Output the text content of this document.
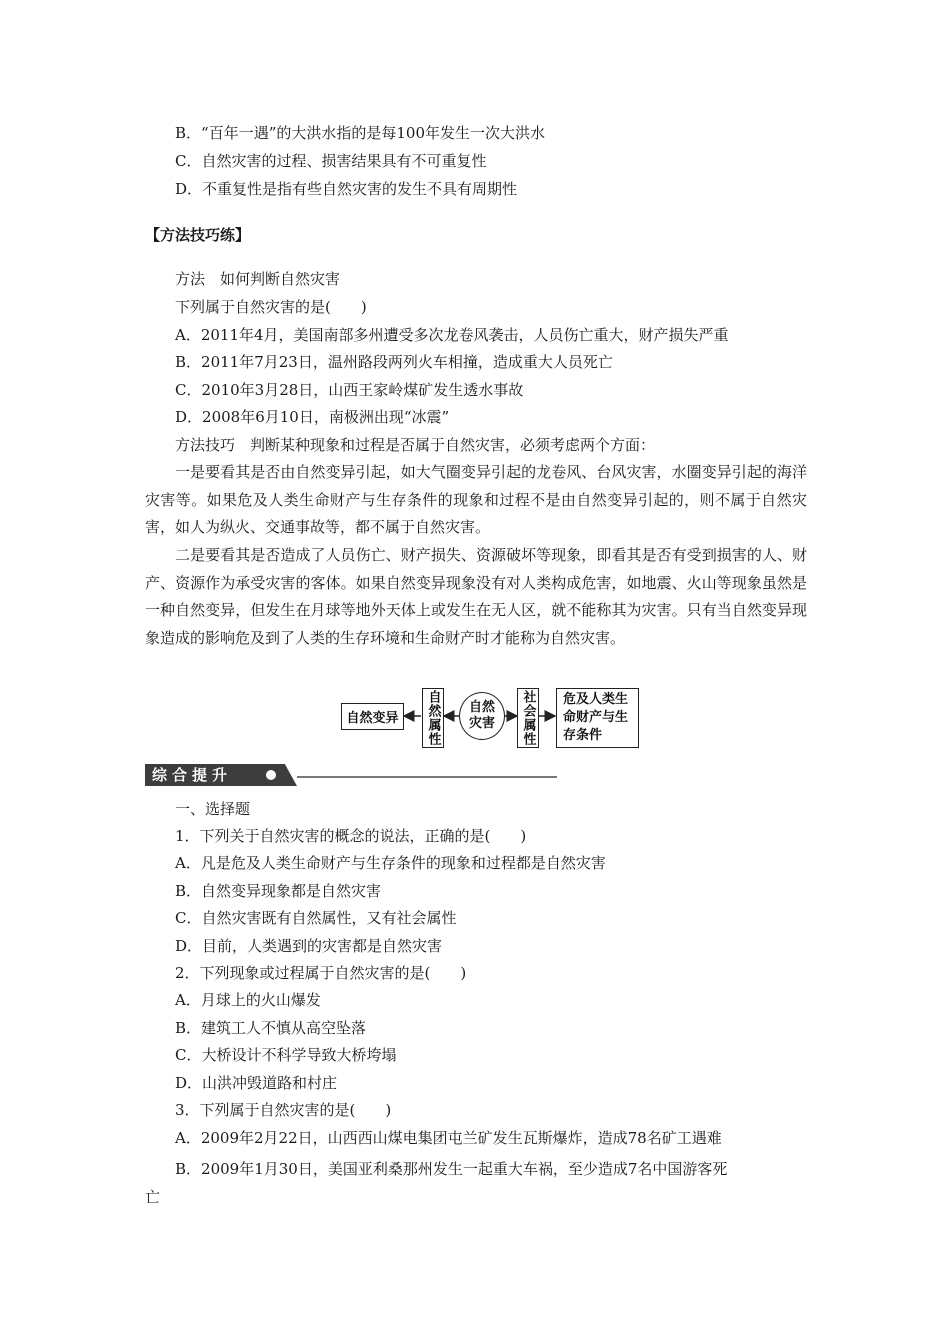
B．“百年一遇”的大洪水指的是每100年发生一次大洪水
C．自然灾害的过程、损害结果具有不可重复性
D．不重复性是指有些自然灾害的发生不具有周期性
【方法技巧练】
方法　如何判断自然灾害
下列属于自然灾害的是(　　)
A．2011年4月，美国南部多州遭受多次龙卷风袭击，人员伤亡重大，财产损失严重
B．2011年7月23日，温州路段两列火车相撞，造成重大人员死亡
C．2010年3月28日，山西王家岭煤矿发生透水事故
D．2008年6月10日，南极洲出现“冰震”
方法技巧　判断某种现象和过程是否属于自然灾害，必须考虑两个方面：
一是要看其是否由自然变异引起，如大气圈变异引起的龙卷风、台风灾害，水圈变异引起的海洋灾害等。如果危及人类生命财产与生存条件的现象和过程不是由自然变异引起的，则不属于自然灾害，如人为纵火、交通事故等，都不属于自然灾害。
二是要看其是否造成了人员伤亡、财产损失、资源破坏等现象，即看其是否有受到损害的人、财产、资源作为承受灾害的客体。如果自然变异现象没有对人类构成危害，如地震、火山等现象虽然是一种自然变异，但发生在月球等地外天体上或发生在无人区，就不能称其为灾害。只有当自然变异现象造成的影响危及到了人类的生存环境和生命财产时才能称为自然灾害。
自然变异	自然属性	自然灾害	社会属性	危及人类生命财产与生存条件
综合提升
一、选择题
1．下列关于自然灾害的概念的说法，正确的是(　　)
A．凡是危及人类生命财产与生存条件的现象和过程都是自然灾害
B．自然变异现象都是自然灾害
C．自然灾害既有自然属性，又有社会属性
D．目前，人类遇到的灾害都是自然灾害
2．下列现象或过程属于自然灾害的是(　　)
A．月球上的火山爆发
B．建筑工人不慎从高空坠落
C．大桥设计不科学导致大桥垮塌
D．山洪冲毁道路和村庄
3．下列属于自然灾害的是(　　)
A．2009年2月22日，山西西山煤电集团屯兰矿发生瓦斯爆炸，造成78名矿工遇难
B．2009年1月30日，美国亚利桑那州发生一起重大车祸，至少造成7名中国游客死
亡
